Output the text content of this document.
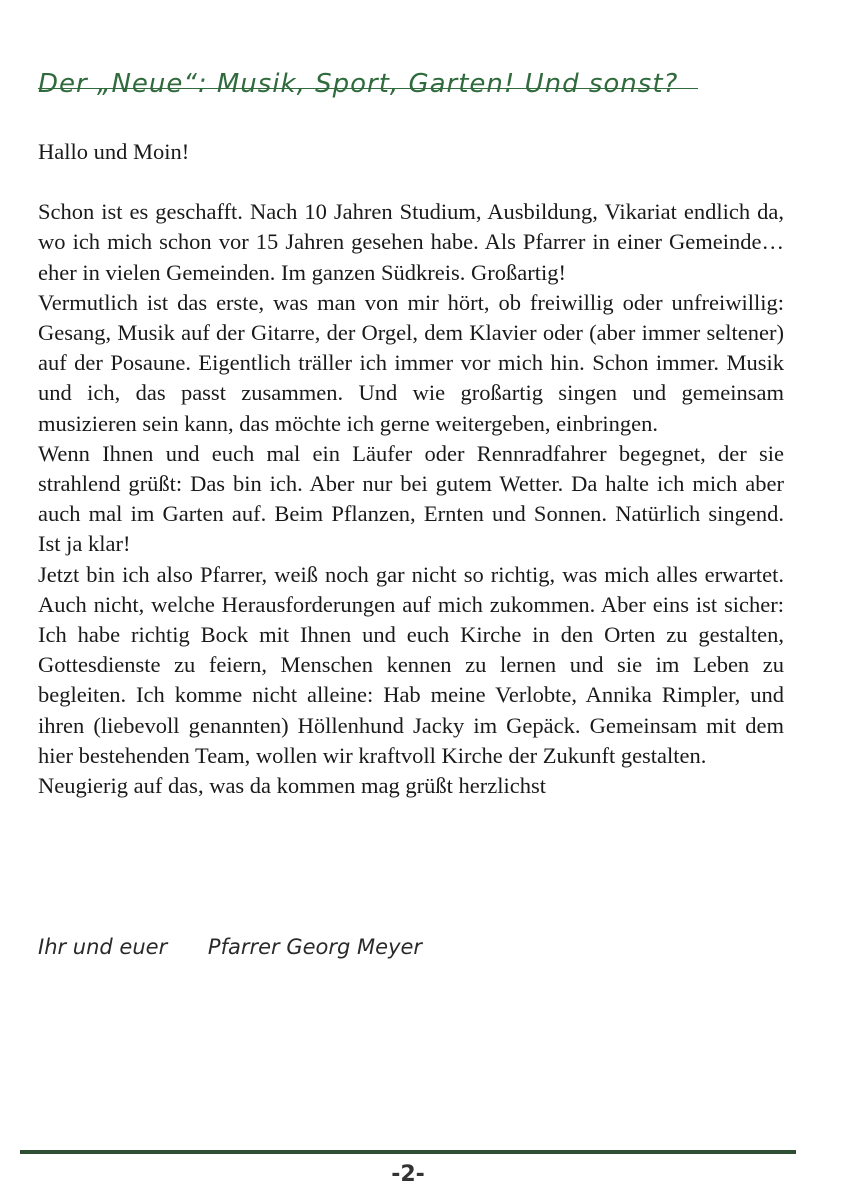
Der „Neue“: Musik, Sport, Garten! Und sonst?

Hallo und Moin!

Schon ist es geschafft. Nach 10 Jahren Studium, Ausbildung, Vikariat endlich da, wo ich mich schon vor 15 Jahren gesehen habe. Als Pfarrer in einer Gemeinde…eher in vielen Gemeinden. Im ganzen Südkreis. Großartig!

Vermutlich ist das erste, was man von mir hört, ob freiwillig oder unfreiwillig: Gesang, Musik auf der Gitarre, der Orgel, dem Klavier oder (aber immer seltener) auf der Posaune. Eigentlich träller ich immer vor mich hin. Schon immer. Musik und ich, das passt zusammen. Und wie großartig singen und gemeinsam musizieren sein kann, das möchte ich gerne weitergeben, einbringen.

Wenn Ihnen und euch mal ein Läufer oder Rennradfahrer begegnet, der sie strahlend grüßt: Das bin ich. Aber nur bei gutem Wetter. Da halte ich mich aber auch mal im Garten auf. Beim Pflanzen, Ernten und Sonnen. Natürlich singend. Ist ja klar!

Jetzt bin ich also Pfarrer, weiß noch gar nicht so richtig, was mich alles erwartet. Auch nicht, welche Herausforderungen auf mich zukommen. Aber eins ist sicher: Ich habe richtig Bock mit Ihnen und euch Kirche in den Orten zu gestalten, Gottesdienste zu feiern, Menschen kennen zu lernen und sie im Leben zu begleiten. Ich komme nicht alleine: Hab meine Verlobte, Annika Rimpler, und ihren (liebevoll genannten) Höllenhund Jacky im Gepäck. Gemeinsam mit dem hier bestehenden Team, wollen wir kraftvoll Kirche der Zukunft gestalten.

Neugierig auf das, was da kommen mag grüßt herzlichst

Ihr und euer Pfarrer Georg Meyer
-2-
